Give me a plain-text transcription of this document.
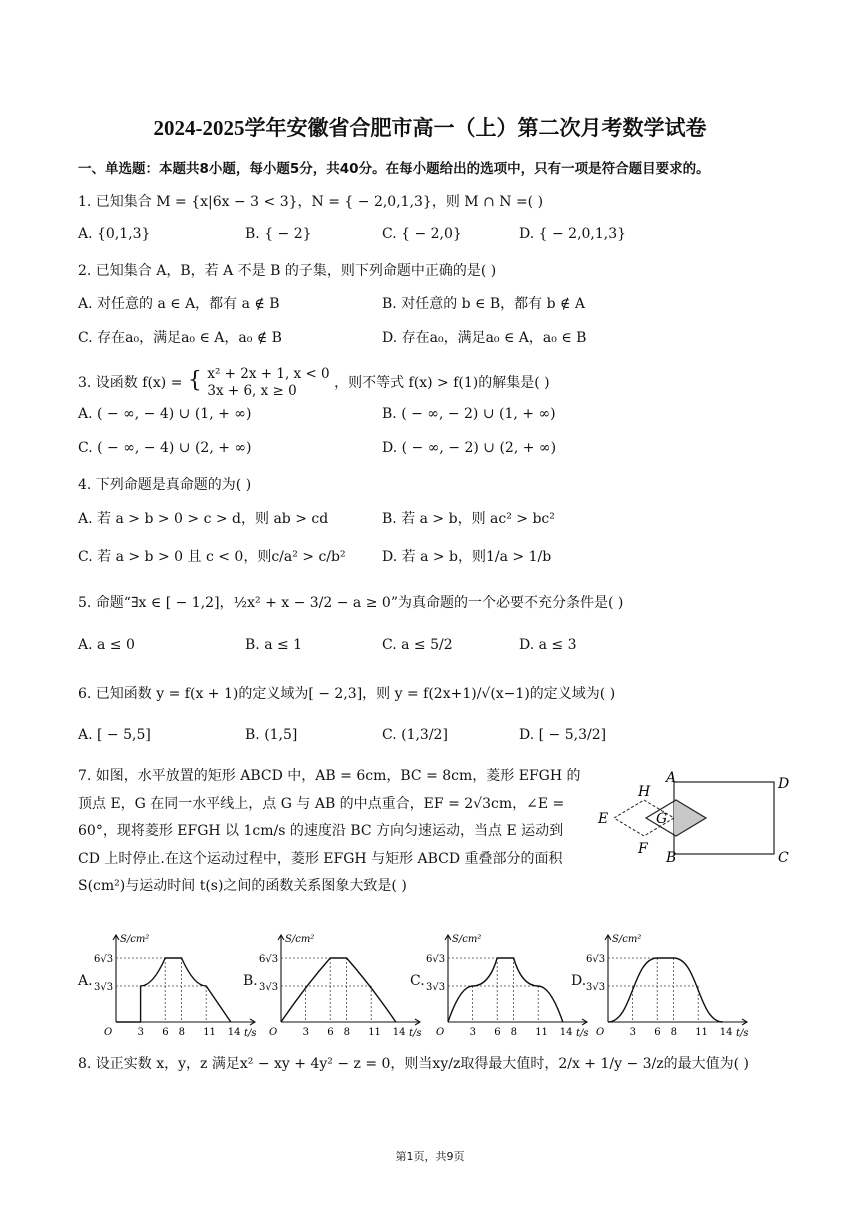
2024-2025学年安徽省合肥市高一（上）第二次月考数学试卷
一、单选题：本题共8小题，每小题5分，共40分。在每小题给出的选项中，只有一项是符合题目要求的。
1. 已知集合 M = {x|6x − 3 < 3}，N = { − 2,0,1,3}，则 M ∩ N =( )
A. {0,1,3}	B. { − 2}	C. { − 2,0}	D. { − 2,0,1,3}
2. 已知集合 A，B，若 A 不是 B 的子集，则下列命题中正确的是( )
A. 对任意的 a ∈ A，都有 a ∉ B	B. 对任意的 b ∈ B，都有 b ∉ A
C. 存在a₀，满足a₀ ∈ A，a₀ ∉ B	D. 存在a₀，满足a₀ ∈ A，a₀ ∈ B
3. 设函数 f(x) = { x² + 2x + 1, x < 0
3x + 6, x ≥ 0	，则不等式 f(x) > f(1)的解集是( )
A. ( − ∞, − 4) ∪ (1, + ∞)	B. ( − ∞, − 2) ∪ (1, + ∞)
C. ( − ∞, − 4) ∪ (2, + ∞)	D. ( − ∞, − 2) ∪ (2, + ∞)
4. 下列命题是真命题的为( )
A. 若 a > b > 0 > c > d，则 ab > cd	B. 若 a > b，则 ac² > bc²
C. 若 a > b > 0 且 c < 0，则c/a² > c/b²	D. 若 a > b，则1/a > 1/b
5. 命题“∃x ∈ [ − 1,2]，½x² + x − 3/2 − a ≥ 0”为真命题的一个必要不充分条件是( )
A. a ≤ 0	B. a ≤ 1	C. a ≤ 5/2	D. a ≤ 3
6. 已知函数 y = f(x + 1)的定义域为[ − 2,3]，则 y = f(2x+1)/√(x−1)的定义域为( )
A. [ − 5,5]	B. (1,5]	C. (1,3/2]	D. [ − 5,3/2]
7. 如图，水平放置的矩形 ABCD 中，AB = 6cm，BC = 8cm，菱形 EFGH 的顶点 E，G 在同一水平线上，点 G 与 AB 的中点重合，EF = 2√3cm，∠E = 60°，现将菱形 EFGH 以 1cm/s 的速度沿 BC 方向匀速运动，当点 E 运动到 CD 上时停止.在这个运动过程中，菱形 EFGH 与矩形 ABCD 重叠部分的面积 S(cm²)与运动时间 t(s)之间的函数关系图象大致是( )
A
B	C
D
E
F
G
H
A.	B.	C.	D.
S/cm²
t/s
O
6√3
3√3
3 6 8 11 14
S/cm²
t/s
O
6√3
3√3
3 6 8 11 14
S/cm²
t/s
O
6√3
3√3
3 6 8 11 14
S/cm²
t/s
O
6√3
3√3
3 6 8 11 14
8. 设正实数 x，y，z 满足x² − xy + 4y² − z = 0，则当xy/z取得最大值时，2/x + 1/y − 3/z的最大值为( )
第1页，共9页
